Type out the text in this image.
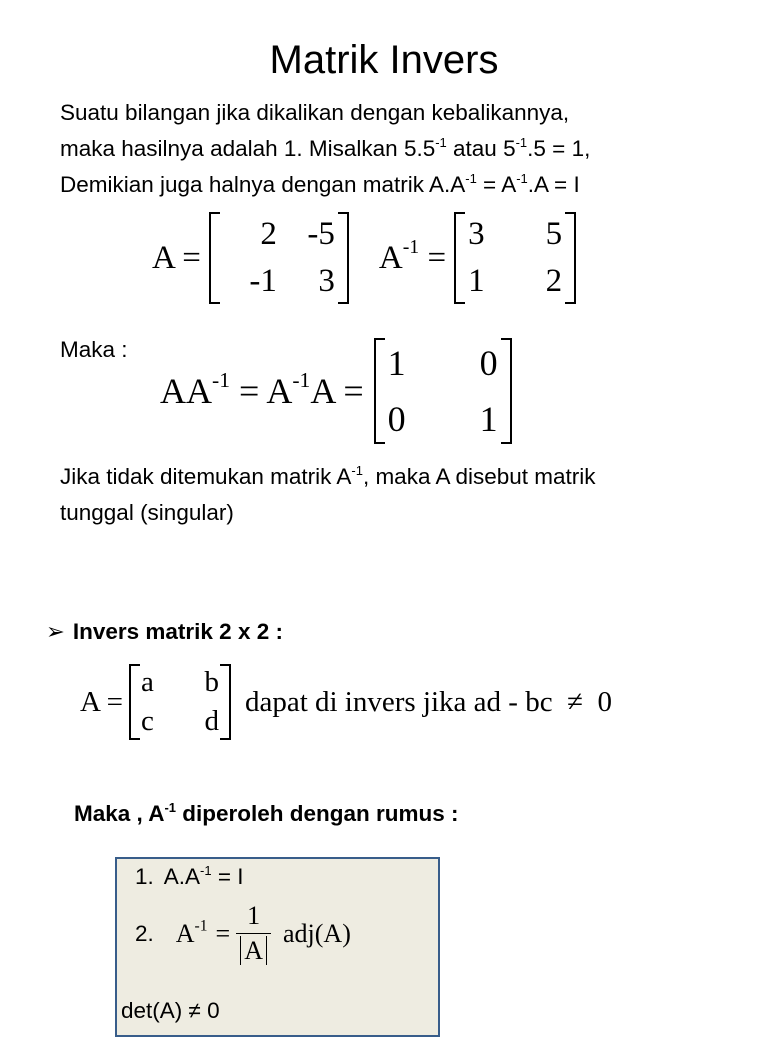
Matrik Invers
Suatu bilangan jika dikalikan dengan kebalikannya,
maka hasilnya adalah 1. Misalkan $5.5^{-1}$ atau $5^{-1}.5 = 1$,
Demikian juga halnya dengan matrik $A.A^{-1} = A^{-1}.A = I$
A =
2 -5
-1	3
$A^{-1}$ =
3	5
1	2
Maka :
$AA^{-1} = A^{-1}A$ =
1	0
0	1
Jika tidak ditemukan matrik $A^{-1}$, maka A disebut matrik
tunggal (singular)
➢ Invers matrik 2 x 2 :
A =
a	b
c	d
dapat di invers jika ad - bc  ≠  0
Maka , $A^{-1}$ diperoleh dengan rumus :
1. $A.A^{-1} = I$
2. $A^{-1} = \frac{1}{A} adj(A)$
det(A) ≠ 0
